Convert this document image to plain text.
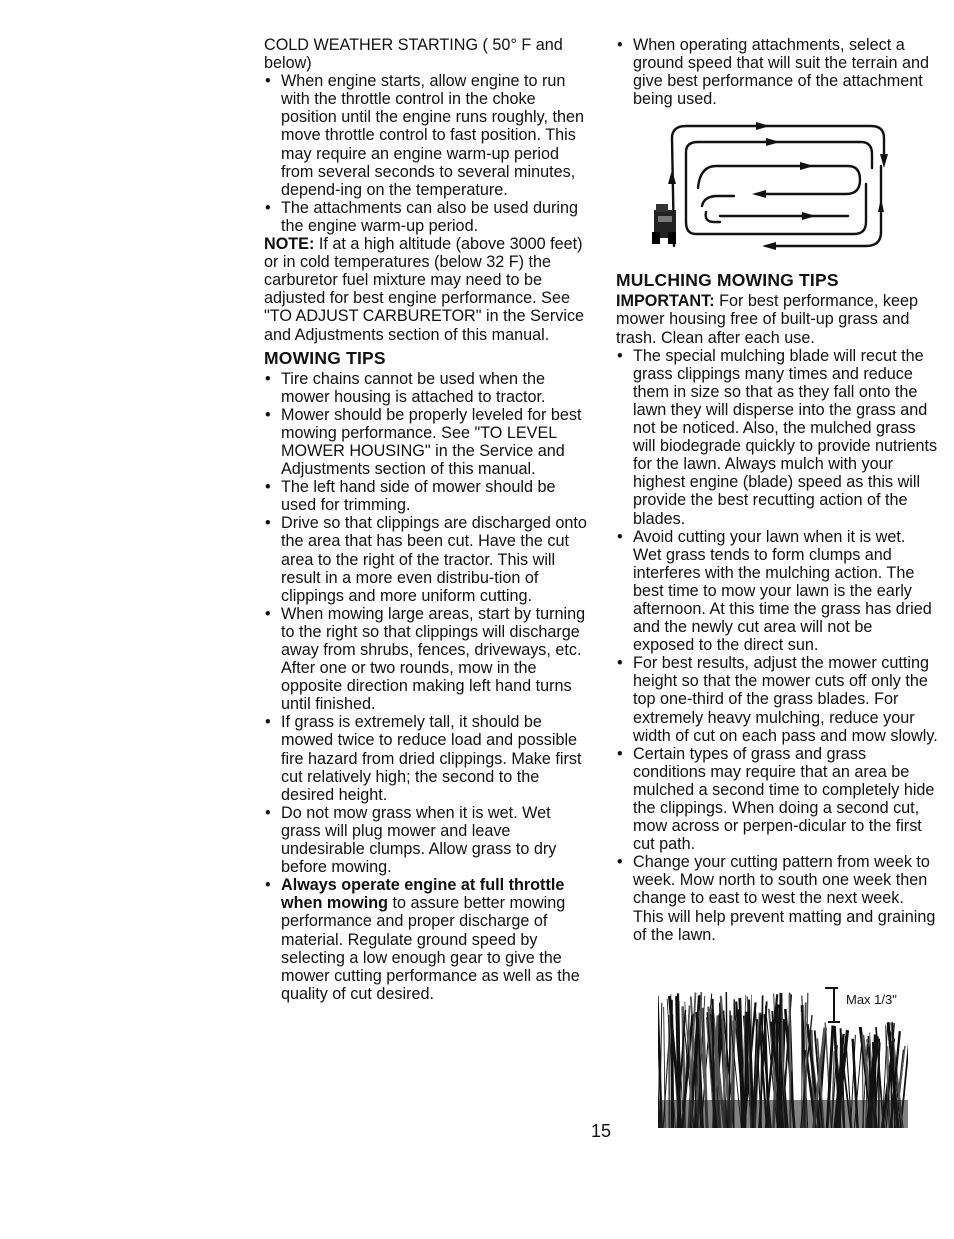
COLD WEATHER STARTING ( 50° F and below)

• When engine starts, allow engine to run with the throttle control in the choke position until the engine runs roughly, then move throttle control to fast position. This may require an engine warm-up period from several seconds to several minutes, depend-ing on the temperature.

• The attachments can also be used during the engine warm-up period.

NOTE: If at a high altitude (above 3000 feet) or in cold temperatures (below 32 F) the carburetor fuel mixture may need to be adjusted for best engine performance. See "TO ADJUST CARBURETOR" in the Service and Adjustments section of this manual.

MOWING TIPS

• Tire chains cannot be used when the mower housing is attached to tractor.

• Mower should be properly leveled for best mowing performance. See "TO LEVEL MOWER HOUSING" in the Service and Adjustments section of this manual.

• The left hand side of mower should be used for trimming.

• Drive so that clippings are discharged onto the area that has been cut. Have the cut area to the right of the tractor. This will result in a more even distribu-tion of clippings and more uniform cutting.

• When mowing large areas, start by turning to the right so that clippings will discharge away from shrubs, fences, driveways, etc. After one or two rounds, mow in the opposite direction making left hand turns until finished.

• If grass is extremely tall, it should be mowed twice to reduce load and possible fire hazard from dried clippings. Make first cut relatively high; the second to the desired height.

• Do not mow grass when it is wet. Wet grass will plug mower and leave undesirable clumps. Allow grass to dry before mowing.

• Always operate engine at full throttle when mowing to assure better mowing performance and proper discharge of material. Regulate ground speed by selecting a low enough gear to give the mower cutting performance as well as the quality of cut desired.

• When operating attachments, select a ground speed that will suit the terrain and give best performance of the attachment being used.

MULCHING MOWING TIPS

IMPORTANT: For best performance, keep mower housing free of built-up grass and trash. Clean after each use.

• The special mulching blade will recut the grass clippings many times and reduce them in size so that as they fall onto the lawn they will disperse into the grass and not be noticed. Also, the mulched grass will biodegrade quickly to provide nutrients for the lawn. Always mulch with your highest engine (blade) speed as this will provide the best recutting action of the blades.

• Avoid cutting your lawn when it is wet. Wet grass tends to form clumps and interferes with the mulching action. The best time to mow your lawn is the early afternoon. At this time the grass has dried and the newly cut area will not be exposed to the direct sun.

• For best results, adjust the mower cutting height so that the mower cuts off only the top one-third of the grass blades. For extremely heavy mulching, reduce your width of cut on each pass and mow slowly.

• Certain types of grass and grass conditions may require that an area be mulched a second time to completely hide the clippings. When doing a second cut, mow across or perpen-dicular to the first cut path.

• Change your cutting pattern from week to week. Mow north to south one week then change to east to west the next week. This will help prevent matting and graining of the lawn.

Max 1/3"
15
